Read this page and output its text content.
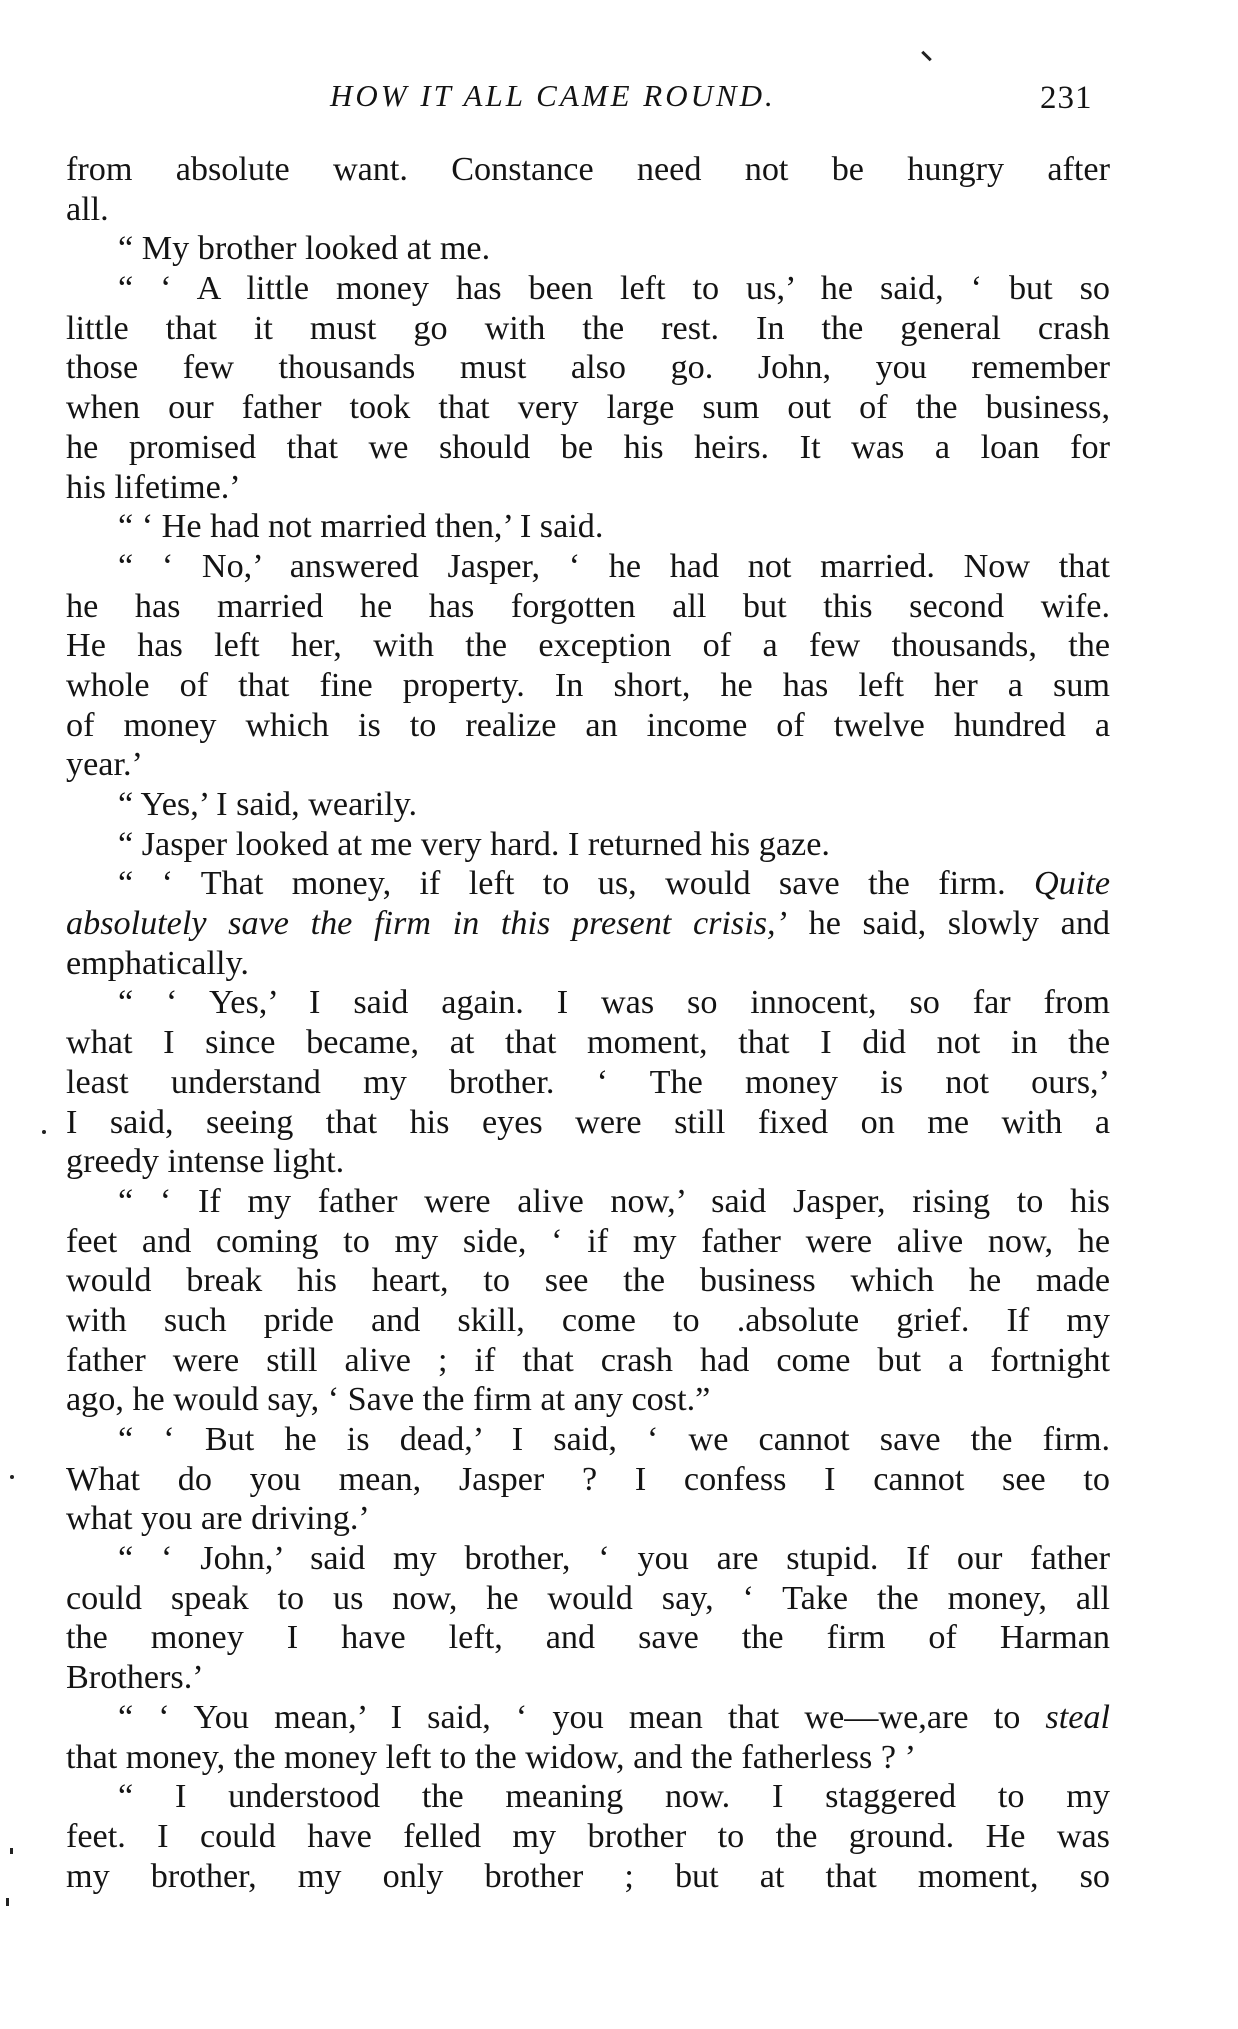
HOW IT ALL CAME ROUND.	231
from absolute want. Constance need not be hungry after
all.
“ My brother looked at me.
“ ‘ A little money has been left to us,’ he said, ‘ but so
little that it must go with the rest. In the general crash
those few thousands must also go. John, you remember
when our father took that very large sum out of the business,
he promised that we should be his heirs. It was a loan for
his lifetime.’
“ ‘ He had not married then,’ I said.
“ ‘ No,’ answered Jasper, ‘ he had not married. Now that
he has married he has forgotten all but this second wife.
He has left her, with the exception of a few thousands, the
whole of that fine property. In short, he has left her a sum
of money which is to realize an income of twelve hundred a
year.’
“ Yes,’ I said, wearily.
“ Jasper looked at me very hard. I returned his gaze.
“ ‘ That money, if left to us, would save the firm. Quite
absolutely save the firm in this present crisis,’ he said, slowly and
emphatically.
“ ‘ Yes,’ I said again. I was so innocent, so far from
what I since became, at that moment, that I did not in the
least understand my brother. ‘ The money is not ours,’
I said, seeing that his eyes were still fixed on me with a
greedy intense light.
“ ‘ If my father were alive now,’ said Jasper, rising to his
feet and coming to my side, ‘ if my father were alive now, he
would break his heart, to see the business which he made
with such pride and skill, come to .absolute grief. If my
father were still alive ; if that crash had come but a fortnight
ago, he would say, ‘ Save the firm at any cost.”
“ ‘ But he is dead,’ I said, ‘ we cannot save the firm.
What do you mean, Jasper ? I confess I cannot see to
what you are driving.’
“ ‘ John,’ said my brother, ‘ you are stupid. If our father
could speak to us now, he would say, ‘ Take the money, all
the money I have left, and save the firm of Harman
Brothers.’
“ ‘ You mean,’ I said, ‘ you mean that we—we,are to steal
that money, the money left to the widow, and the fatherless ? ’
“ I understood the meaning now. I staggered to my
feet. I could have felled my brother to the ground. He was
my brother, my only brother ; but at that moment, so
